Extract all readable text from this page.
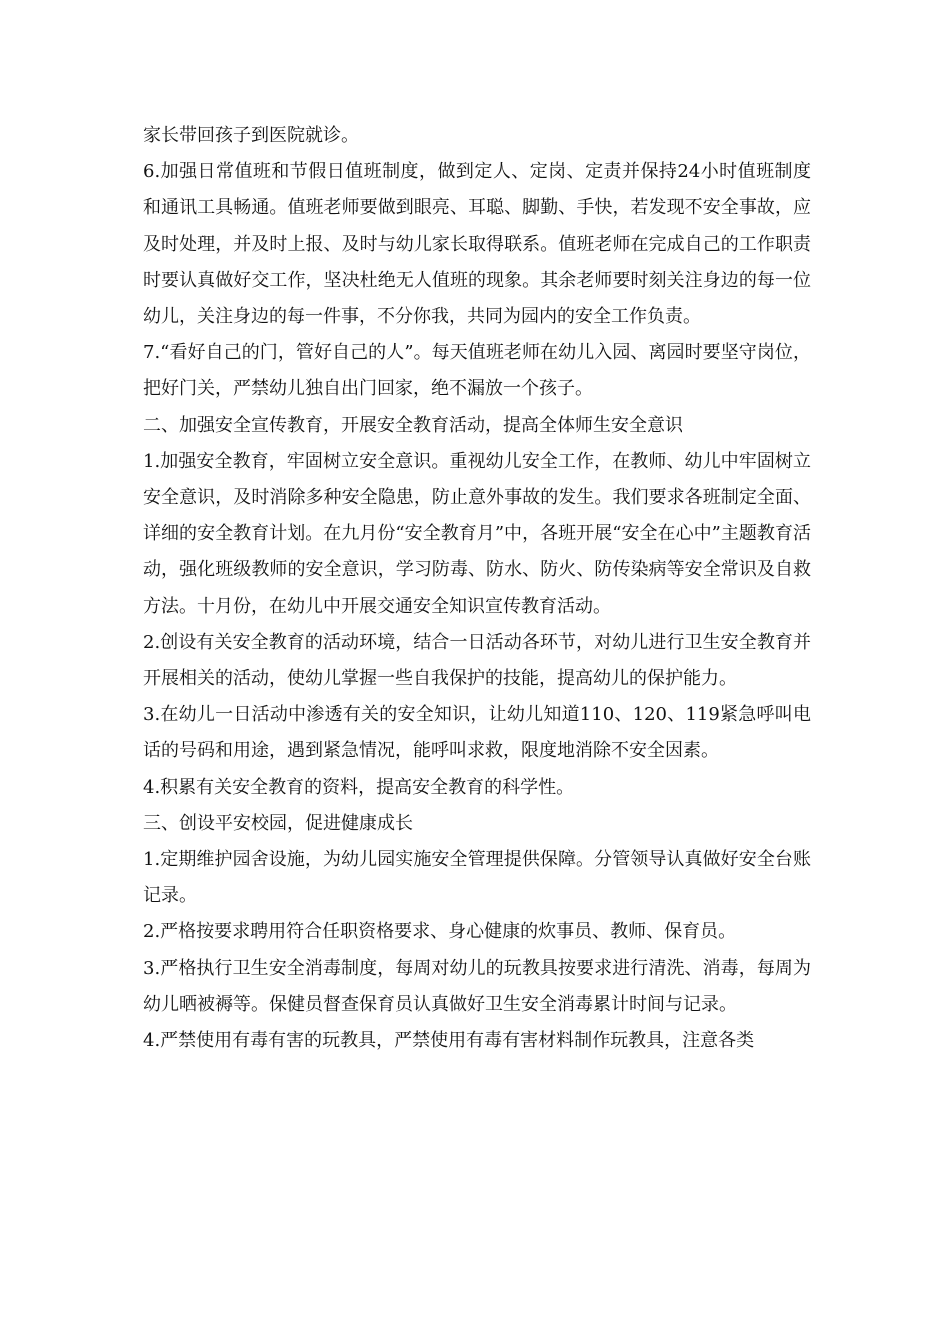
家长带回孩子到医院就诊。

6.加强日常值班和节假日值班制度，做到定人、定岗、定责并保持24小时值班制度和通讯工具畅通。值班老师要做到眼亮、耳聪、脚勤、手快，若发现不安全事故，应及时处理，并及时上报、及时与幼儿家长取得联系。值班老师在完成自己的工作职责时要认真做好交工作，坚决杜绝无人值班的现象。其余老师要时刻关注身边的每一位幼儿，关注身边的每一件事，不分你我，共同为园内的安全工作负责。

7.“看好自己的门，管好自己的人”。每天值班老师在幼儿入园、离园时要坚守岗位，把好门关，严禁幼儿独自出门回家，绝不漏放一个孩子。

二、加强安全宣传教育，开展安全教育活动，提高全体师生安全意识

1.加强安全教育，牢固树立安全意识。重视幼儿安全工作，在教师、幼儿中牢固树立安全意识，及时消除多种安全隐患，防止意外事故的发生。我们要求各班制定全面、详细的安全教育计划。在九月份“安全教育月”中，各班开展“安全在心中”主题教育活动，强化班级教师的安全意识，学习防毒、防水、防火、防传染病等安全常识及自救方法。十月份，在幼儿中开展交通安全知识宣传教育活动。

2.创设有关安全教育的活动环境，结合一日活动各环节，对幼儿进行卫生安全教育并开展相关的活动，使幼儿掌握一些自我保护的技能，提高幼儿的保护能力。

3.在幼儿一日活动中渗透有关的安全知识，让幼儿知道110、120、119紧急呼叫电话的号码和用途，遇到紧急情况，能呼叫求救，限度地消除不安全因素。

4.积累有关安全教育的资料，提高安全教育的科学性。

三、创设平安校园，促进健康成长

1.定期维护园舍设施，为幼儿园实施安全管理提供保障。分管领导认真做好安全台账记录。

2.严格按要求聘用符合任职资格要求、身心健康的炊事员、教师、保育员。

3.严格执行卫生安全消毒制度，每周对幼儿的玩教具按要求进行清洗、消毒，每周为幼儿晒被褥等。保健员督查保育员认真做好卫生安全消毒累计时间与记录。

4.严禁使用有毒有害的玩教具，严禁使用有毒有害材料制作玩教具，注意各类
